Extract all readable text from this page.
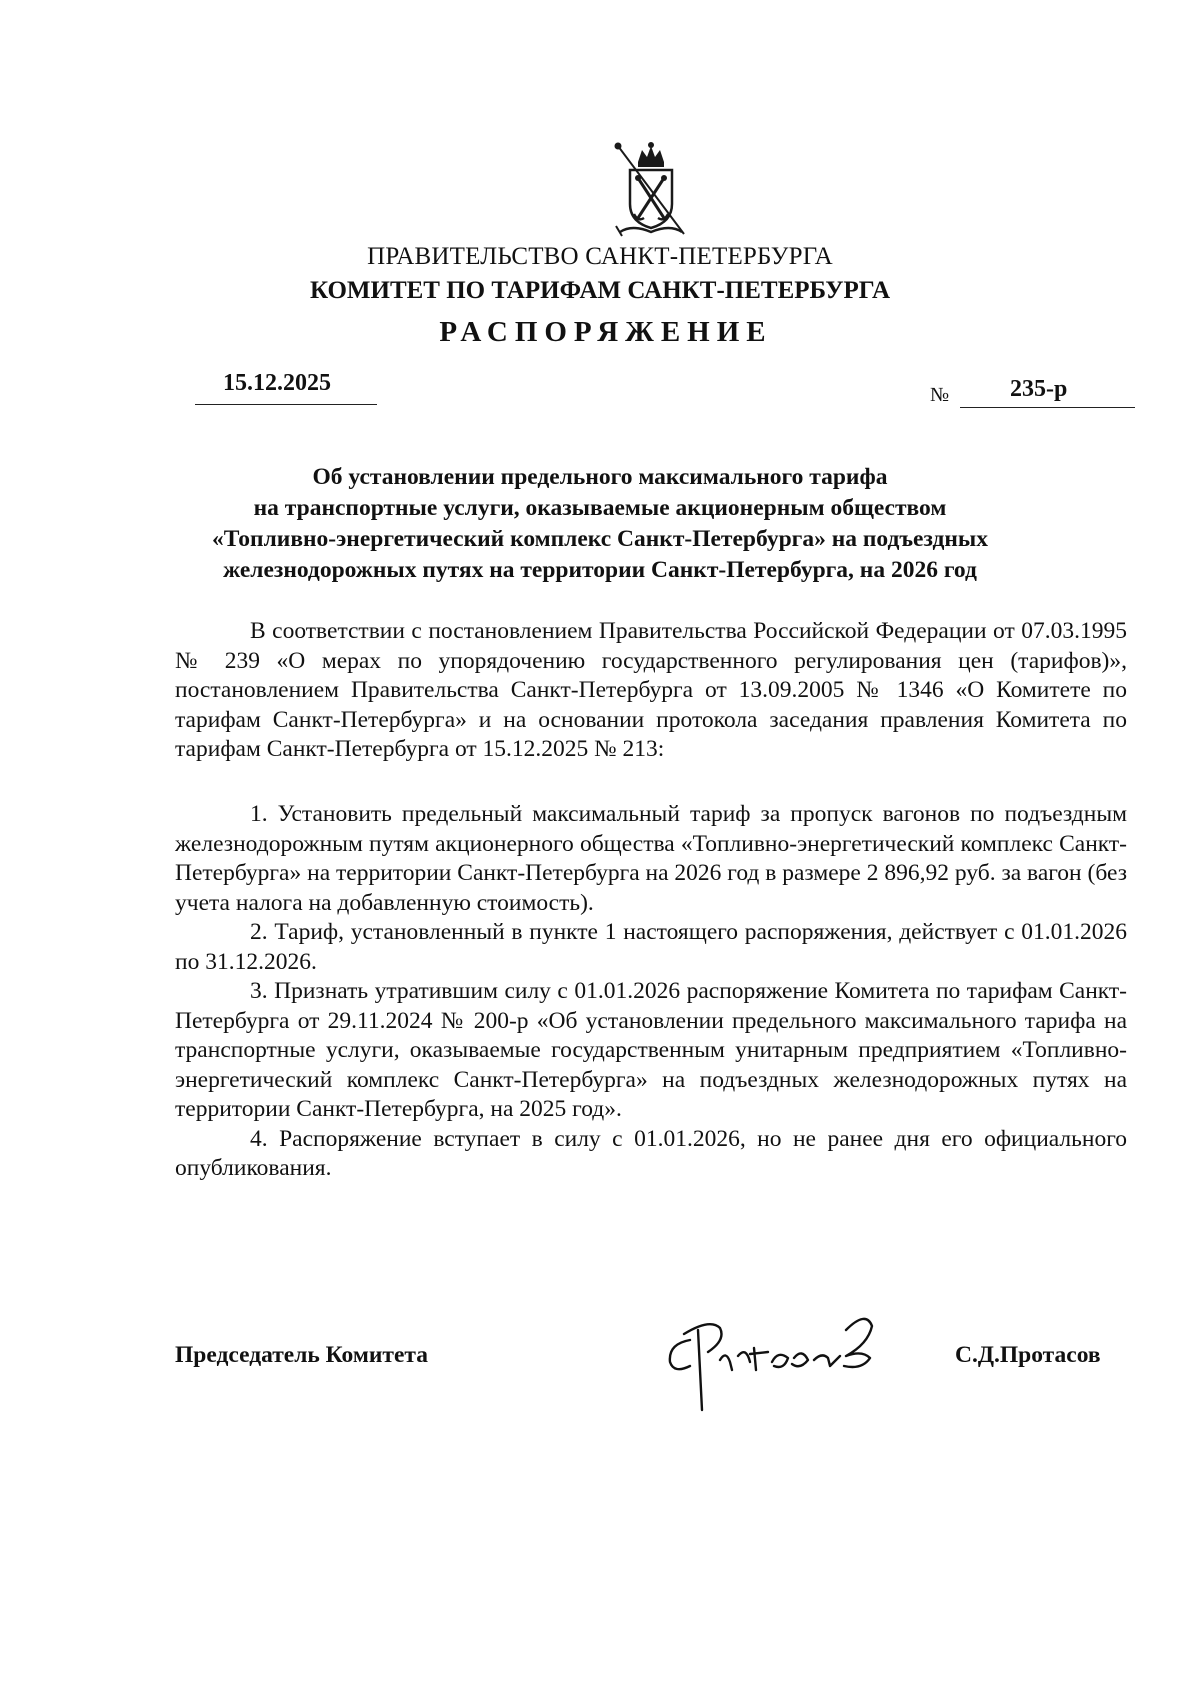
ПРАВИТЕЛЬСТВО САНКТ-ПЕТЕРБУРГА
КОМИТЕТ ПО ТАРИФАМ САНКТ-ПЕТЕРБУРГА
РАСПОРЯЖЕНИЕ
15.12.2025	№	235-р
Об установлении предельного максимального тарифа
на транспортные услуги, оказываемые акционерным обществом
«Топливно-энергетический комплекс Санкт-Петербурга» на подъездных
железнодорожных путях на территории Санкт-Петербурга, на 2026 год

В соответствии с постановлением Правительства Российской Федерации от 07.03.1995 № 239 «О мерах по упорядочению государственного регулирования цен (тарифов)», постановлением Правительства Санкт-Петербурга от 13.09.2005 № 1346 «О Комитете по тарифам Санкт-Петербурга» и на основании протокола заседания правления Комитета по тарифам Санкт-Петербурга от 15.12.2025 № 213:

1. Установить предельный максимальный тариф за пропуск вагонов по подъездным железнодорожным путям акционерного общества «Топливно-энергетический комплекс Санкт-Петербурга» на территории Санкт-Петербурга на 2026 год в размере 2 896,92 руб. за вагон (без учета налога на добавленную стоимость).

2. Тариф, установленный в пункте 1 настоящего распоряжения, действует с 01.01.2026 по 31.12.2026.

3. Признать утратившим силу с 01.01.2026 распоряжение Комитета по тарифам Санкт-Петербурга от 29.11.2024 № 200-р «Об установлении предельного максимального тарифа на транспортные услуги, оказываемые государственным унитарным предприятием «Топливно-энергетический комплекс Санкт-Петербурга» на подъездных железнодорожных путях на территории Санкт-Петербурга, на 2025 год».

4. Распоряжение вступает в силу с 01.01.2026, но не ранее дня его официального опубликования.

Председатель Комитета	С.Д.Протасов
